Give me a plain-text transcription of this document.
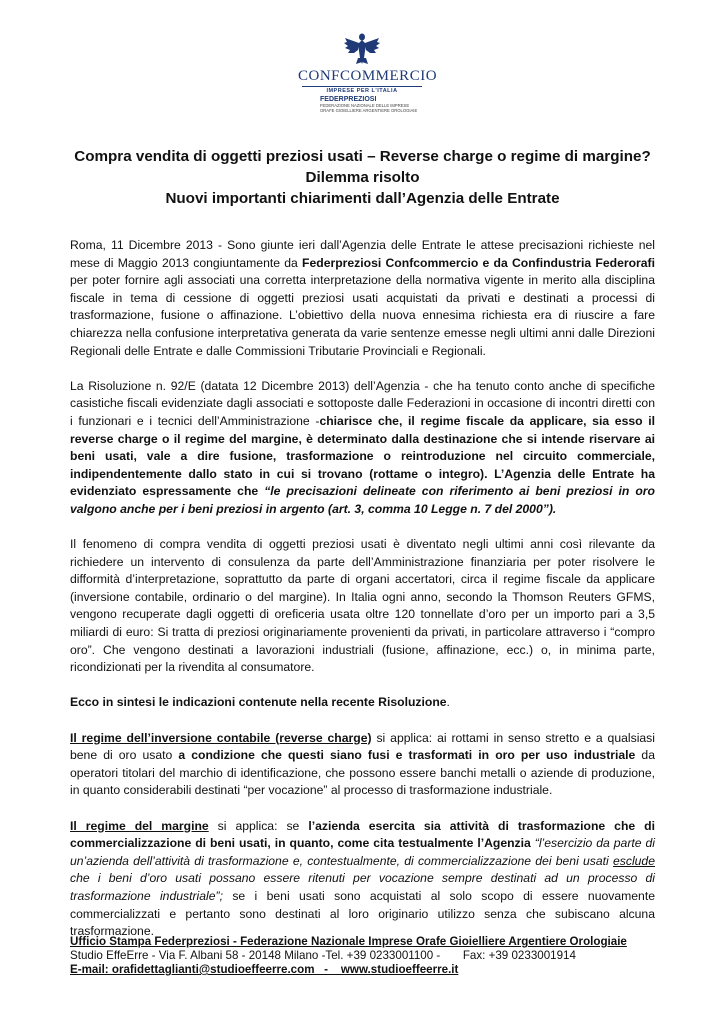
CONFCOMMERCIO
IMPRESE PER L'ITALIA
FEDERPREZIOSI
FEDERAZIONE NAZIONALE DELLE IMPRESE
ORAFE GIOIELLIERE ARGENTIERE OROLOGIAIE
Compra vendita di oggetti preziosi usati – Reverse charge o regime di margine?
Dilemma risolto
Nuovi importanti chiarimenti dall’Agenzia delle Entrate

Roma, 11 Dicembre 2013 - Sono giunte ieri dall’Agenzia delle Entrate le attese precisazioni richieste nel mese di Maggio 2013 congiuntamente da Federpreziosi Confcommercio e da Confindustria Federorafi per poter fornire agli associati una corretta interpretazione della normativa vigente in merito alla disciplina fiscale in tema di cessione di oggetti preziosi usati acquistati da privati e destinati a processi di trasformazione, fusione o affinazione. L’obiettivo della nuova ennesima richiesta era di riuscire a fare chiarezza nella confusione interpretativa generata da varie sentenze emesse negli ultimi anni dalle Direzioni Regionali delle Entrate e dalle Commissioni Tributarie Provinciali e Regionali.

La Risoluzione n. 92/E (datata 12 Dicembre 2013) dell’Agenzia - che ha tenuto conto anche di specifiche casistiche fiscali evidenziate dagli associati e sottoposte dalle Federazioni in occasione di incontri diretti con i funzionari e i tecnici dell’Amministrazione -chiarisce che, il regime fiscale da applicare, sia esso il reverse charge o il regime del margine, è determinato dalla destinazione che si intende riservare ai beni usati, vale a dire fusione, trasformazione o reintroduzione nel circuito commerciale, indipendentemente dallo stato in cui si trovano (rottame o integro). L’Agenzia delle Entrate ha evidenziato espressamente che “le precisazioni delineate con riferimento ai beni preziosi in oro valgono anche per i beni preziosi in argento (art. 3, comma 10 Legge n. 7 del 2000”).

Il fenomeno di compra vendita di oggetti preziosi usati è diventato negli ultimi anni così rilevante da richiedere un intervento di consulenza da parte dell’Amministrazione finanziaria per poter risolvere le difformità d’interpretazione, soprattutto da parte di organi accertatori, circa il regime fiscale da applicare (inversione contabile, ordinario o del margine). In Italia ogni anno, secondo la Thomson Reuters GFMS, vengono recuperate dagli oggetti di oreficeria usata oltre 120 tonnellate d’oro per un importo pari a 3,5 miliardi di euro: Si tratta di preziosi originariamente provenienti da privati, in particolare attraverso i “compro oro”. Che vengono destinati a lavorazioni industriali (fusione, affinazione, ecc.) o, in minima parte, ricondizionati per la rivendita al consumatore.

Ecco in sintesi le indicazioni contenute nella recente Risoluzione.

Il regime dell’inversione contabile (reverse charge) si applica: ai rottami in senso stretto e a qualsiasi bene di oro usato a condizione che questi siano fusi e trasformati in oro per uso industriale da operatori titolari del marchio di identificazione, che possono essere banchi metalli o aziende di produzione, in quanto considerabili destinati “per vocazione” al processo di trasformazione industriale.

Il regime del margine si applica: se l’azienda esercita sia attività di trasformazione che di commercializzazione di beni usati, in quanto, come cita testualmente l’Agenzia “l’esercizio da parte di un’azienda dell’attività di trasformazione e, contestualmente, di commercializzazione dei beni usati esclude che i beni d’oro usati possano essere ritenuti per vocazione sempre destinati ad un processo di trasformazione industriale”; se i beni usati sono acquistati al solo scopo di essere nuovamente commercializzati e pertanto sono destinati al loro originario utilizzo senza che subiscano alcuna trasformazione.

Ufficio Stampa Federpreziosi - Federazione Nazionale Imprese Orafe Gioielliere Argentiere Orologiaie
Studio EffeErre - Via F. Albani 58 - 20148 Milano -Tel. +39 0233001100 -       Fax: +39 0233001914
E-mail: orafidettaglianti@studioeffeerre.com   -    www.studioeffeerre.it
